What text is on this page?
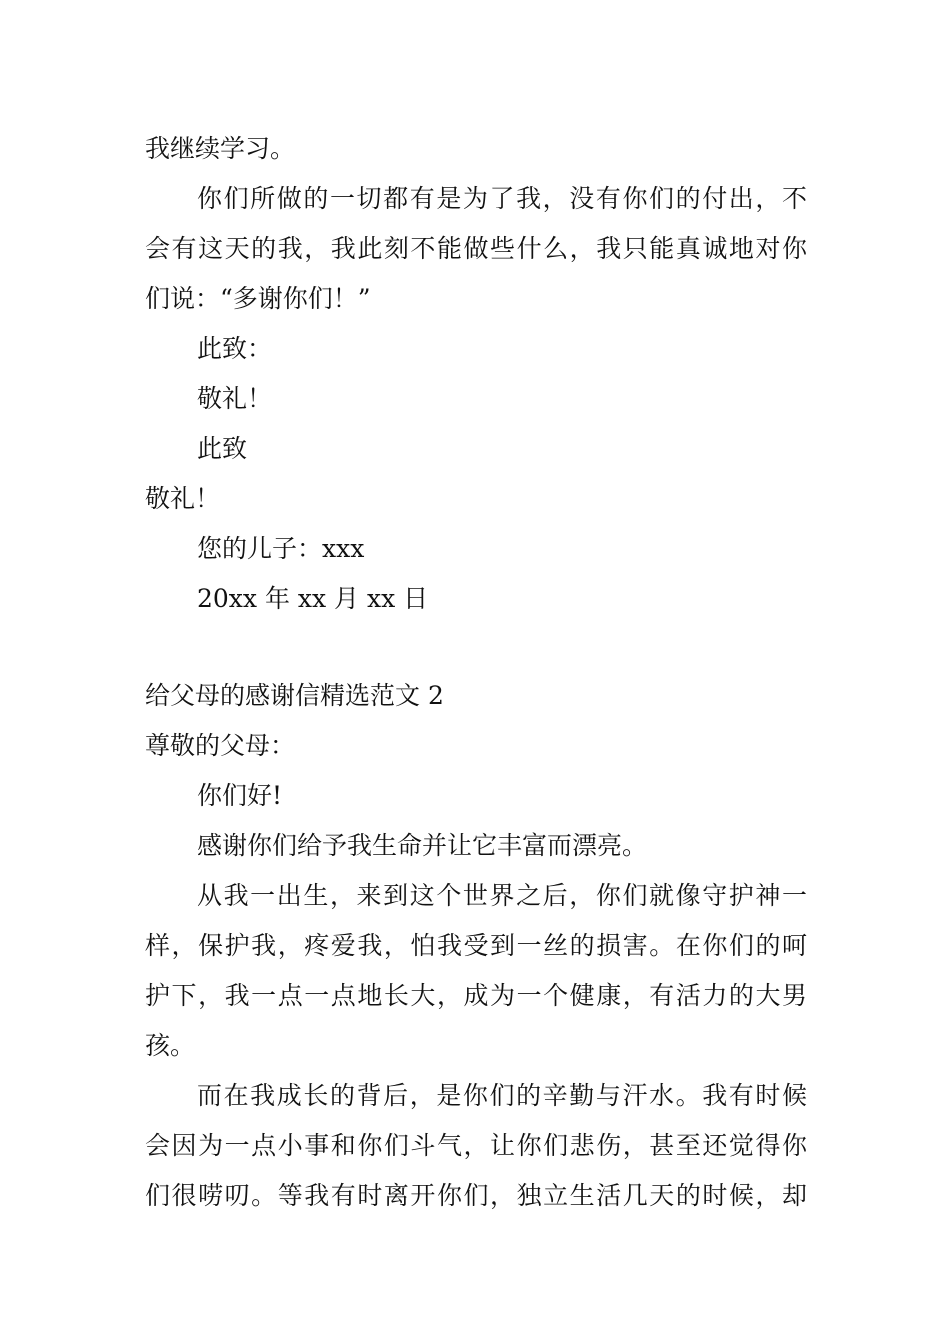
我继续学习。
你们所做的一切都有是为了我，没有你们的付出，不
会有这天的我，我此刻不能做些什么，我只能真诚地对你
们说：“多谢你们！”
此致：
敬礼！
此致
敬礼！
您的儿子：xxx
20xx 年 xx 月 xx 日
给父母的感谢信精选范文 2
尊敬的父母：
你们好!
感谢你们给予我生命并让它丰富而漂亮。
从我一出生，来到这个世界之后，你们就像守护神一
样，保护我，疼爱我，怕我受到一丝的损害。在你们的呵
护下，我一点一点地长大，成为一个健康，有活力的大男
孩。
而在我成长的背后，是你们的辛勤与汗水。我有时候
会因为一点小事和你们斗气，让你们悲伤，甚至还觉得你
们很唠叨。等我有时离开你们，独立生活几天的时候，却
